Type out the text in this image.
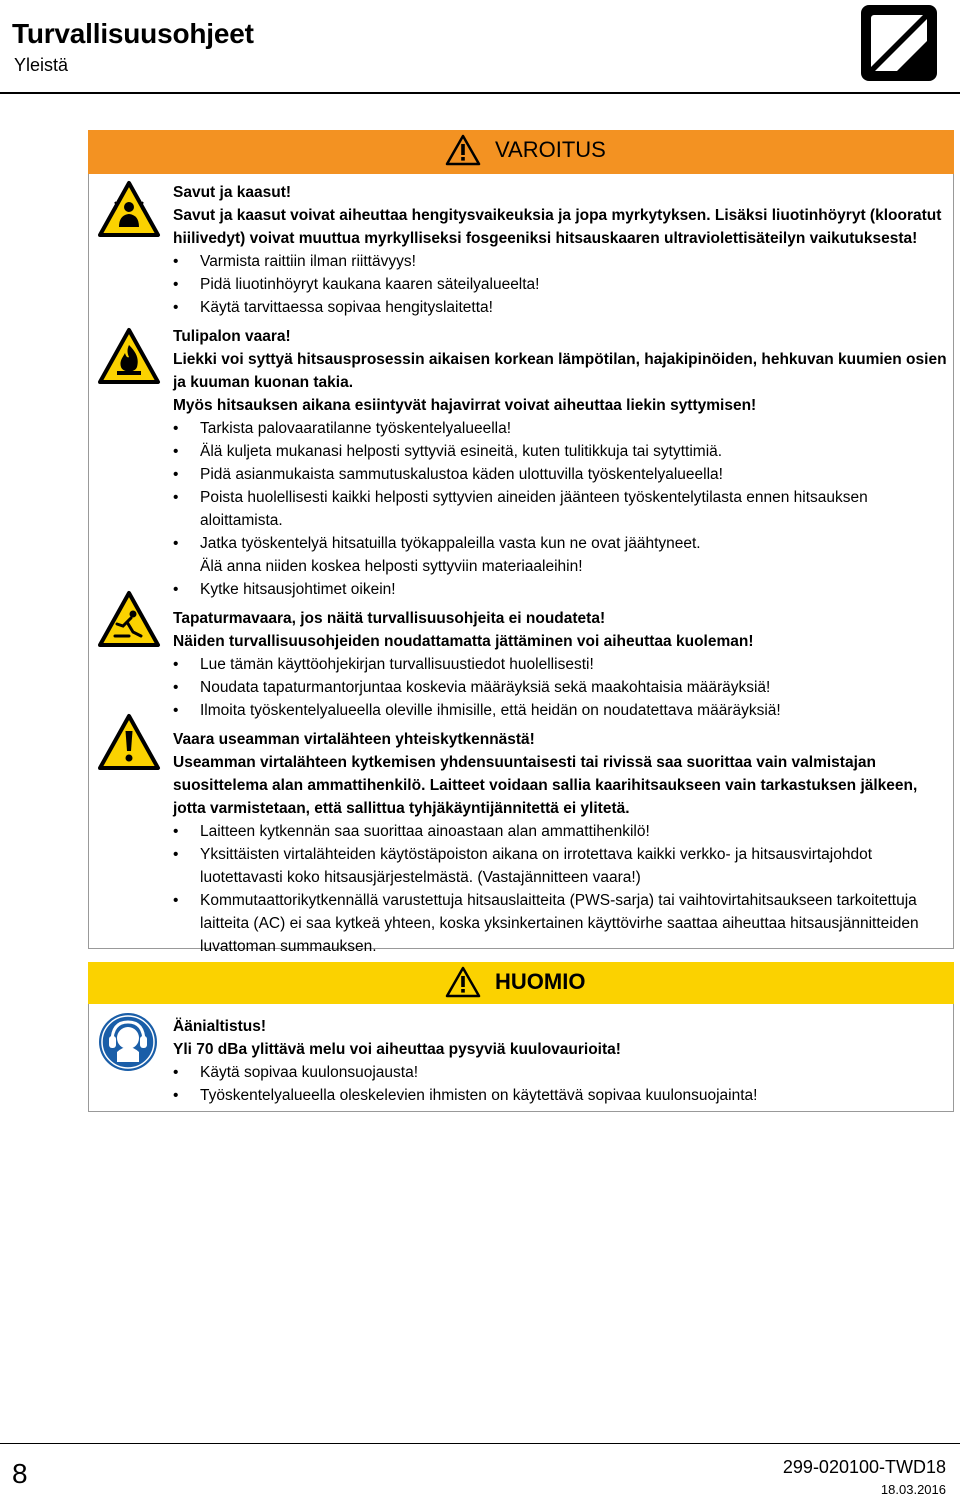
Turvallisuusohjeet
Yleistä
VAROITUS

Savut ja kaasut!

Savut ja kaasut voivat aiheuttaa hengitysvaikeuksia ja jopa myrkytyksen. Lisäksi liuotinhöyryt (klooratut hiilivedyt) voivat muuttua myrkylliseksi fosgeeniksi hitsauskaaren ultraviolettisäteilyn vaikutuksesta!

• Varmista raittiin ilman riittävyys!

• Pidä liuotinhöyryt kaukana kaaren säteilyalueelta!

• Käytä tarvittaessa sopivaa hengityslaitetta!

Tulipalon vaara!

Liekki voi syttyä hitsausprosessin aikaisen korkean lämpötilan, hajakipinöiden, hehkuvan kuumien osien ja kuuman kuonan takia.

Myös hitsauksen aikana esiintyvät hajavirrat voivat aiheuttaa liekin syttymisen!

• Tarkista palovaaratilanne työskentelyalueella!

• Älä kuljeta mukanasi helposti syttyviä esineitä, kuten tulitikkuja tai sytyttimiä.

• Pidä asianmukaista sammutuskalustoa käden ulottuvilla työskentelyalueella!

• Poista huolellisesti kaikki helposti syttyvien aineiden jäänteen työskentelytilasta ennen hitsauksen aloittamista.

• Jatka työskentelyä hitsatuilla työkappaleilla vasta kun ne ovat jäähtyneet.

Älä anna niiden koskea helposti syttyviin materiaaleihin!

• Kytke hitsausjohtimet oikein!

Tapaturmavaara, jos näitä turvallisuusohjeita ei noudateta!

Näiden turvallisuusohjeiden noudattamatta jättäminen voi aiheuttaa kuoleman!

• Lue tämän käyttöohjekirjan turvallisuustiedot huolellisesti!

• Noudata tapaturmantorjuntaa koskevia määräyksiä sekä maakohtaisia määräyksiä!

• Ilmoita työskentelyalueella oleville ihmisille, että heidän on noudatettava määräyksiä!

Vaara useamman virtalähteen yhteiskytkennästä!

Useamman virtalähteen kytkemisen yhdensuuntaisesti tai rivissä saa suorittaa vain valmistajan suosittelema alan ammattihenkilö. Laitteet voidaan sallia kaarihitsaukseen vain tarkastuksen jälkeen, jotta varmistetaan, että sallittua tyhjäkäyntijännitettä ei ylitetä.

• Laitteen kytkennän saa suorittaa ainoastaan alan ammattihenkilö!

• Yksittäisten virtalähteiden käytöstäpoiston aikana on irrotettava kaikki verkko- ja hitsausvirtajohdot luotettavasti koko hitsausjärjestelmästä. (Vastajännitteen vaara!)

• Kommutaattorikytkennällä varustettuja hitsauslaitteita (PWS-sarja) tai vaihtovirtahitsaukseen tarkoitettuja laitteita (AC) ei saa kytkeä yhteen, koska yksinkertainen käyttövirhe saattaa aiheuttaa hitsausjännitteiden luvattoman summauksen.

HUOMIO

Äänialtistus!

Yli 70 dBa ylittävä melu voi aiheuttaa pysyviä kuulovaurioita!

• Käytä sopivaa kuulonsuojausta!

• Työskentelyalueella oleskelevien ihmisten on käytettävä sopivaa kuulonsuojainta!

8	299-020100-TWD18
18.03.2016
